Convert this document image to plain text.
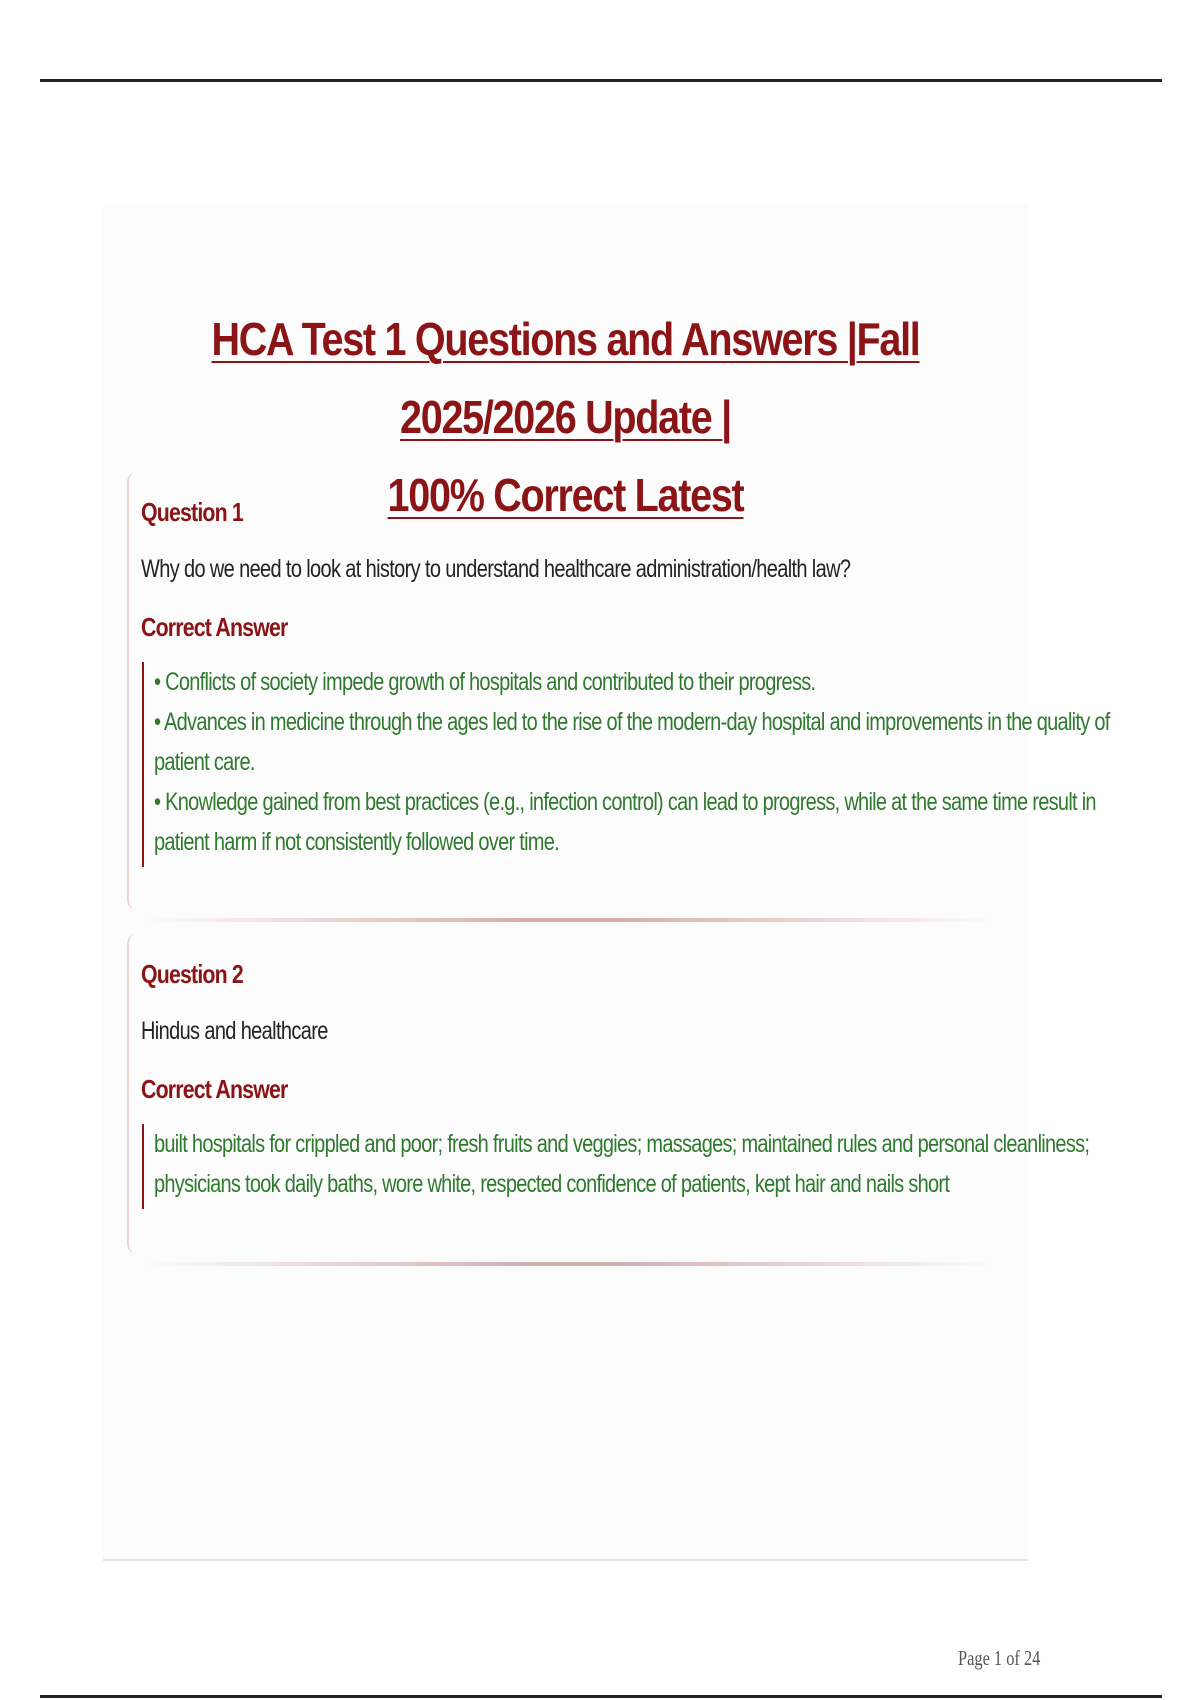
HCA Test 1 Questions and Answers |Fall 2025/2026 Update |
100% Correct Latest
Question 1
Why do we need to look at history to understand healthcare administration/health law?
Correct Answer
• Conflicts of society impede growth of hospitals and contributed to their progress.
• Advances in medicine through the ages led to the rise of the modern-day hospital and improvements in the quality of
patient care.
• Knowledge gained from best practices (e.g., infection control) can lead to progress, while at the same time result in
patient harm if not consistently followed over time.
Question 2
Hindus and healthcare
Correct Answer
built hospitals for crippled and poor; fresh fruits and veggies; massages; maintained rules and personal cleanliness;
physicians took daily baths, wore white, respected confidence of patients, kept hair and nails short
Page 1 of 24
